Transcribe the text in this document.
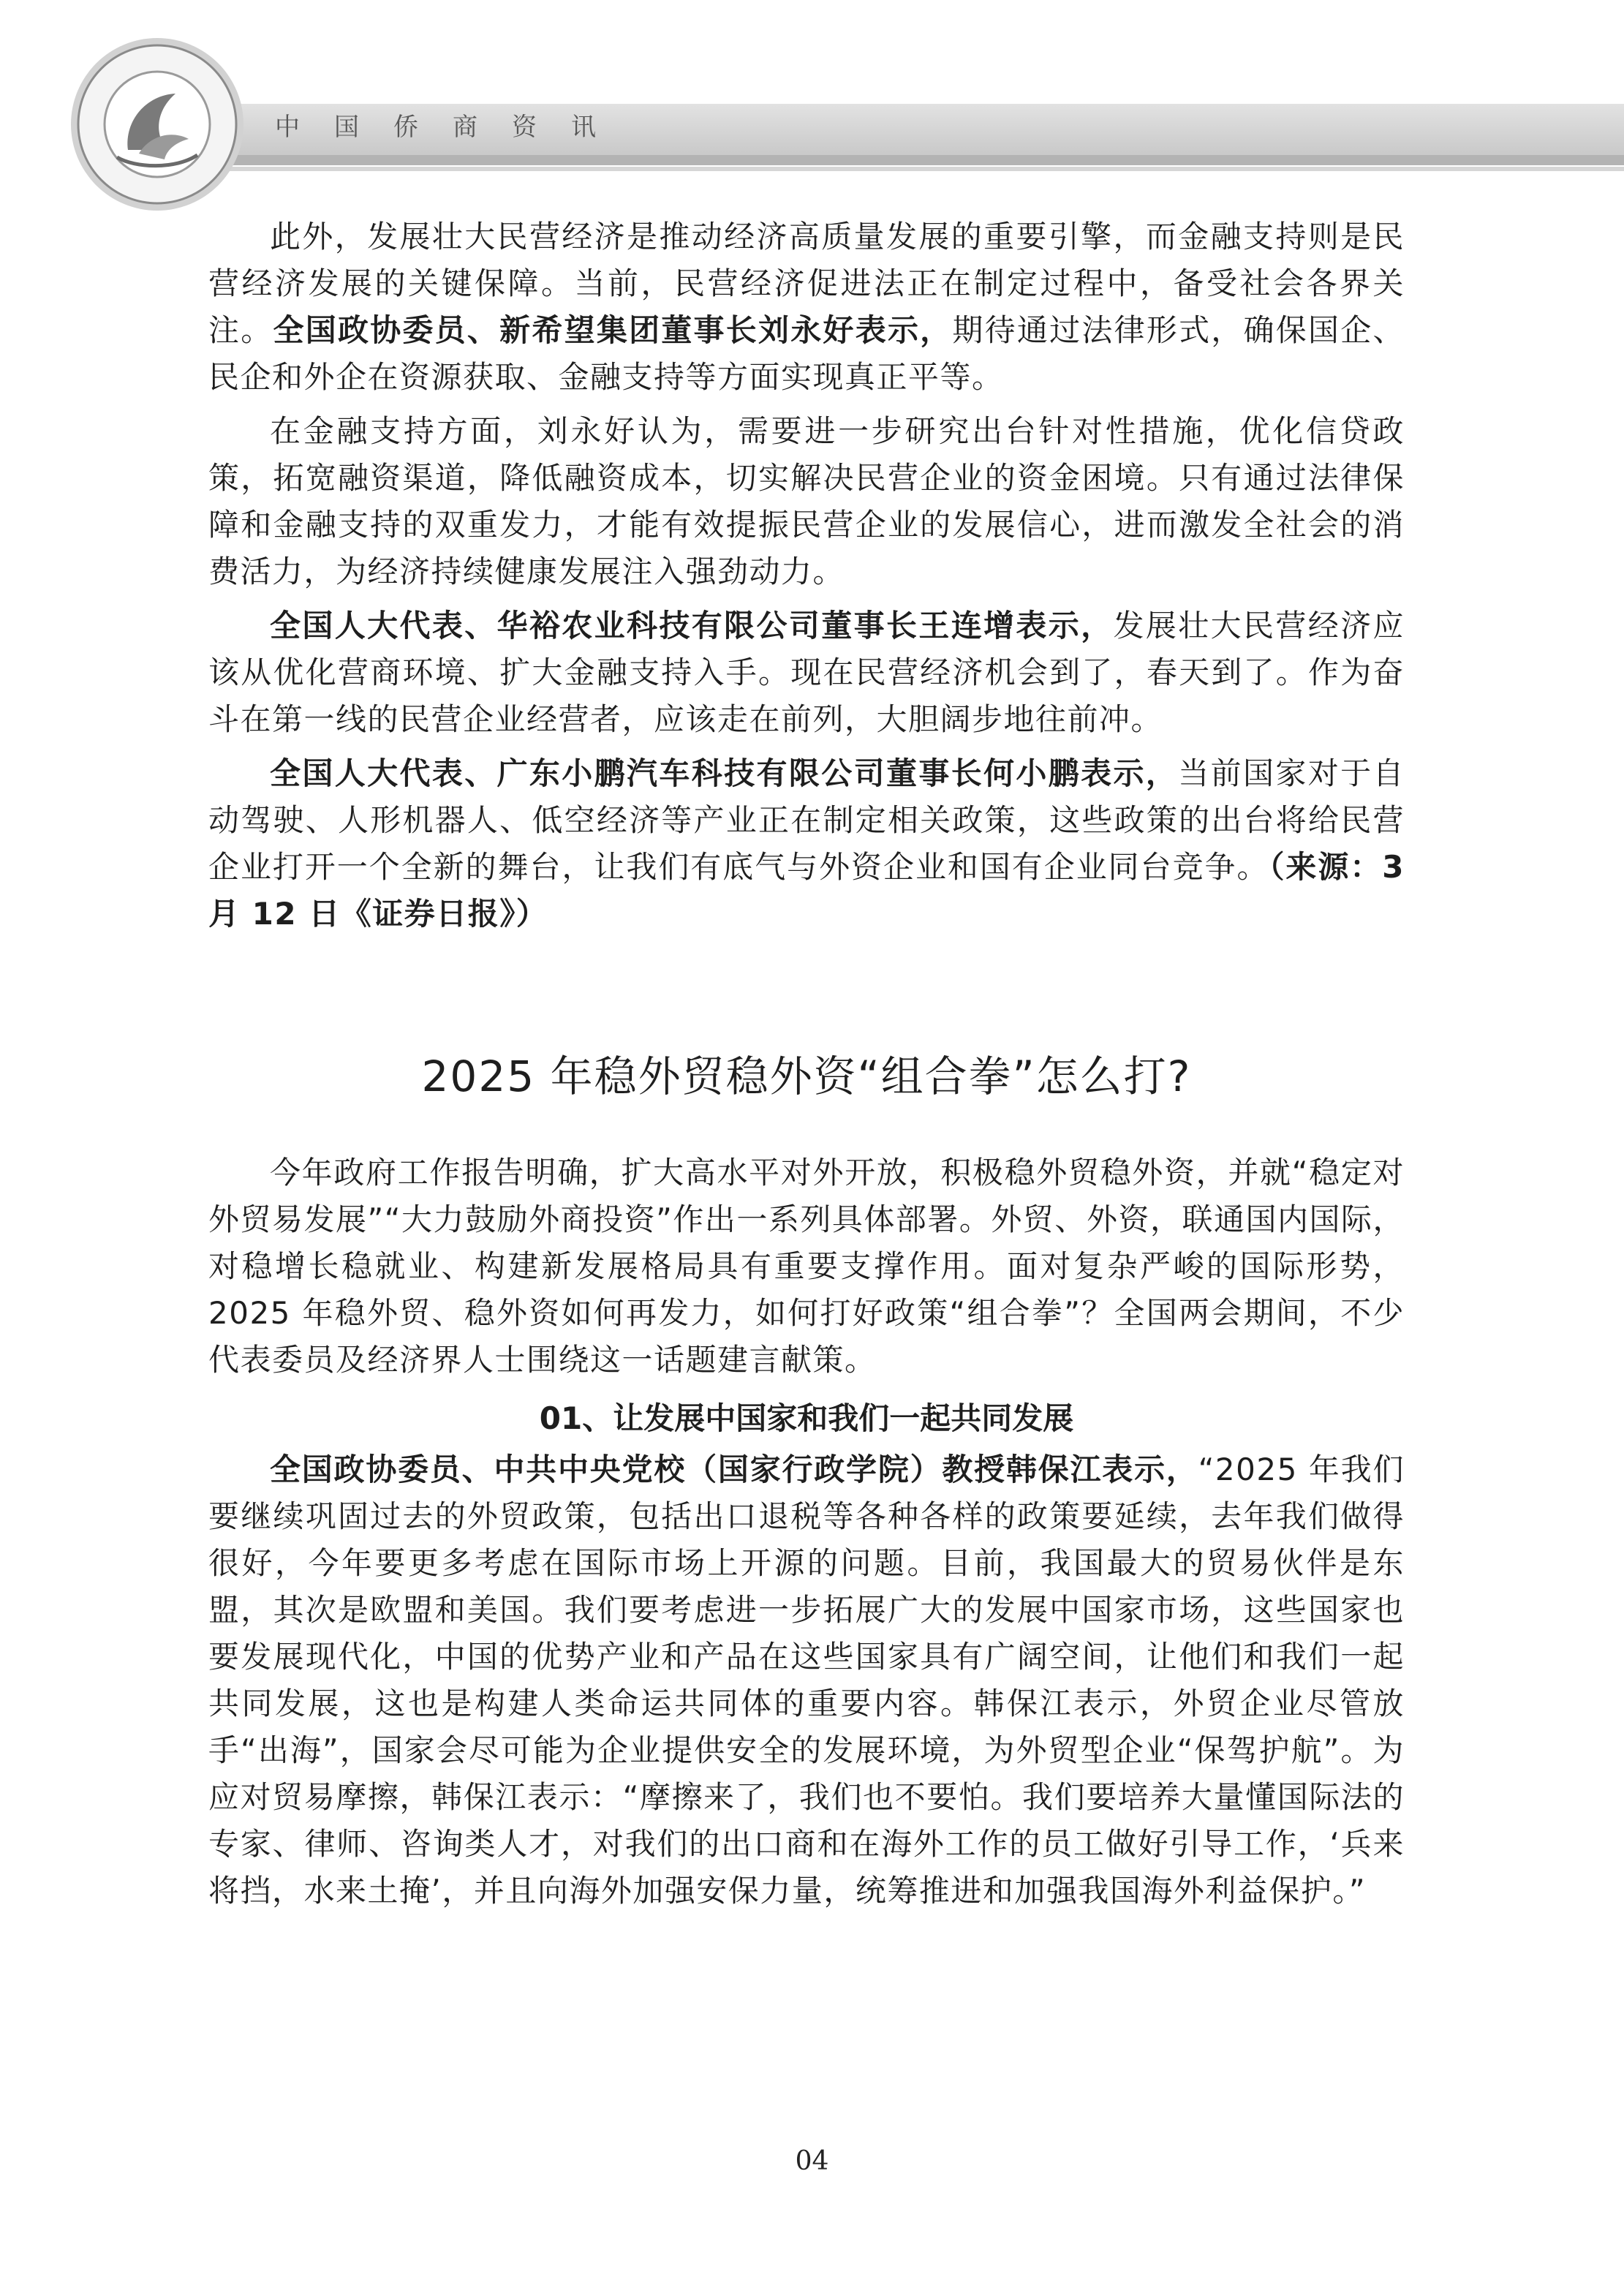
中国侨商资讯

此外，发展壮大民营经济是推动经济高质量发展的重要引擎，而金融支持则是民营经济发展的关键保障。当前，民营经济促进法正在制定过程中，备受社会各界关注。全国政协委员、新希望集团董事长刘永好表示，期待通过法律形式，确保国企、民企和外企在资源获取、金融支持等方面实现真正平等。

在金融支持方面，刘永好认为，需要进一步研究出台针对性措施，优化信贷政策，拓宽融资渠道，降低融资成本，切实解决民营企业的资金困境。只有通过法律保障和金融支持的双重发力，才能有效提振民营企业的发展信心，进而激发全社会的消费活力，为经济持续健康发展注入强劲动力。

全国人大代表、华裕农业科技有限公司董事长王连增表示，发展壮大民营经济应该从优化营商环境、扩大金融支持入手。现在民营经济机会到了，春天到了。作为奋斗在第一线的民营企业经营者，应该走在前列，大胆阔步地往前冲。

全国人大代表、广东小鹏汽车科技有限公司董事长何小鹏表示，当前国家对于自动驾驶、人形机器人、低空经济等产业正在制定相关政策，这些政策的出台将给民营企业打开一个全新的舞台，让我们有底气与外资企业和国有企业同台竞争。（来源：3 月 12 日《证券日报》）

2025 年稳外贸稳外资“组合拳”怎么打?

今年政府工作报告明确，扩大高水平对外开放，积极稳外贸稳外资，并就“稳定对外贸易发展”“大力鼓励外商投资”作出一系列具体部署。外贸、外资，联通国内国际，对稳增长稳就业、构建新发展格局具有重要支撑作用。面对复杂严峻的国际形势，2025 年稳外贸、稳外资如何再发力，如何打好政策“组合拳”？全国两会期间，不少代表委员及经济界人士围绕这一话题建言献策。

01、让发展中国家和我们一起共同发展

全国政协委员、中共中央党校（国家行政学院）教授韩保江表示，“2025 年我们要继续巩固过去的外贸政策，包括出口退税等各种各样的政策要延续，去年我们做得很好，今年要更多考虑在国际市场上开源的问题。目前，我国最大的贸易伙伴是东盟，其次是欧盟和美国。我们要考虑进一步拓展广大的发展中国家市场，这些国家也要发展现代化，中国的优势产业和产品在这些国家具有广阔空间，让他们和我们一起共同发展，这也是构建人类命运共同体的重要内容。韩保江表示，外贸企业尽管放手“出海”，国家会尽可能为企业提供安全的发展环境，为外贸型企业“保驾护航”。为应对贸易摩擦，韩保江表示：“摩擦来了，我们也不要怕。我们要培养大量懂国际法的专家、律师、咨询类人才，对我们的出口商和在海外工作的员工做好引导工作，‘兵来将挡，水来土掩’，并且向海外加强安保力量，统筹推进和加强我国海外利益保护。”

04
